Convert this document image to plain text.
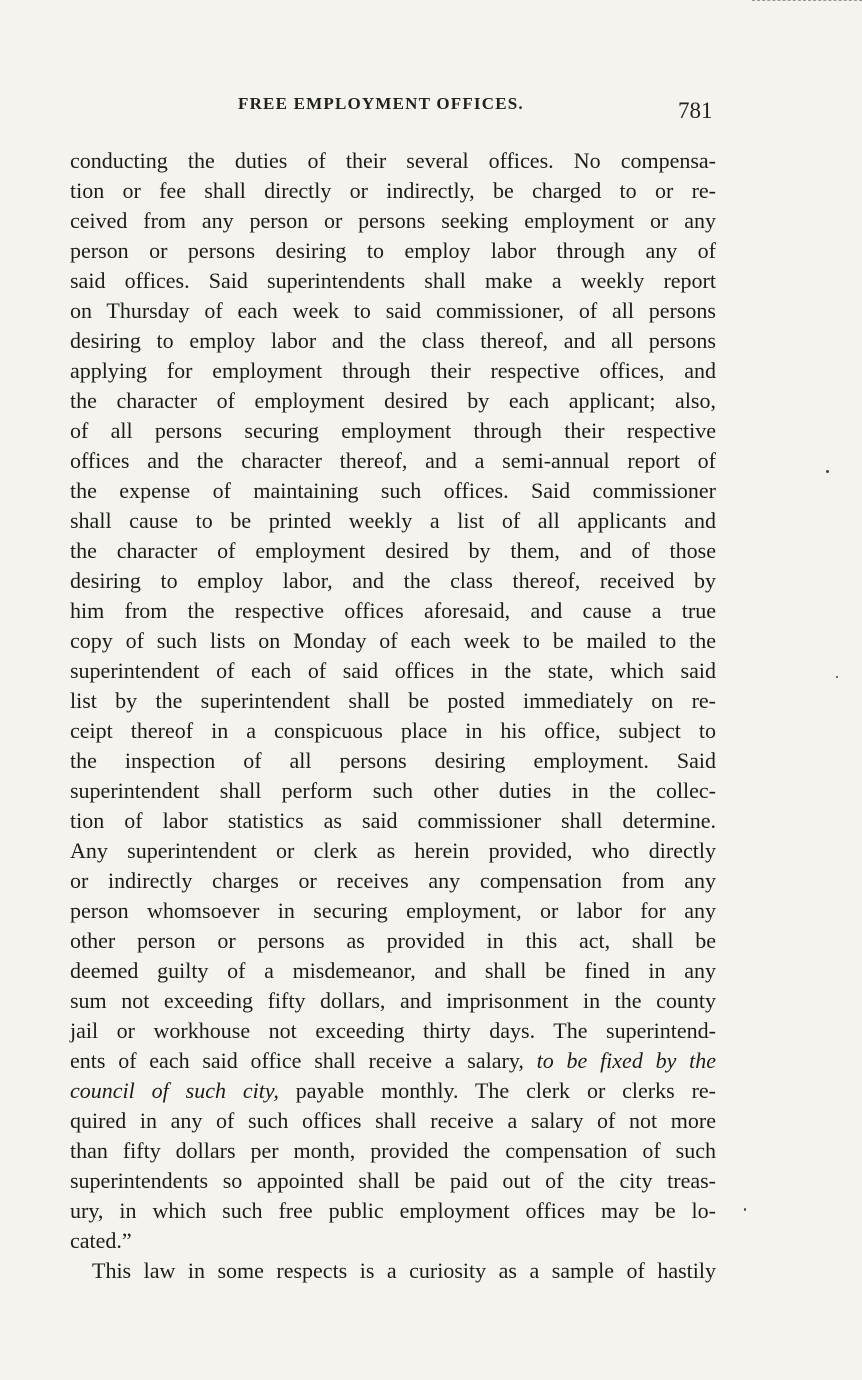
FREE EMPLOYMENT OFFICES.	781
conducting the duties of their several offices. No compensa-
tion or fee shall directly or indirectly, be charged to or re-
ceived from any person or persons seeking employment or any
person or persons desiring to employ labor through any of
said offices. Said superintendents shall make a weekly report
on Thursday of each week to said commissioner, of all persons
desiring to employ labor and the class thereof, and all persons
applying for employment through their respective offices, and
the character of employment desired by each applicant; also,
of all persons securing employment through their respective
offices and the character thereof, and a semi-annual report of
the expense of maintaining such offices. Said commissioner
shall cause to be printed weekly a list of all applicants and
the character of employment desired by them, and of those
desiring to employ labor, and the class thereof, received by
him from the respective offices aforesaid, and cause a true
copy of such lists on Monday of each week to be mailed to the
superintendent of each of said offices in the state, which said
list by the superintendent shall be posted immediately on re-
ceipt thereof in a conspicuous place in his office, subject to
the inspection of all persons desiring employment. Said
superintendent shall perform such other duties in the collec-
tion of labor statistics as said commissioner shall determine.
Any superintendent or clerk as herein provided, who directly
or indirectly charges or receives any compensation from any
person whomsoever in securing employment, or labor for any
other person or persons as provided in this act, shall be
deemed guilty of a misdemeanor, and shall be fined in any
sum not exceeding fifty dollars, and imprisonment in the county
jail or workhouse not exceeding thirty days. The superintend-
ents of each said office shall receive a salary, to be fixed by the
council of such city, payable monthly. The clerk or clerks re-
quired in any of such offices shall receive a salary of not more
than fifty dollars per month, provided the compensation of such
superintendents so appointed shall be paid out of the city treas-
ury, in which such free public employment offices may be lo-
cated.”
This law in some respects is a curiosity as a sample of hastily
